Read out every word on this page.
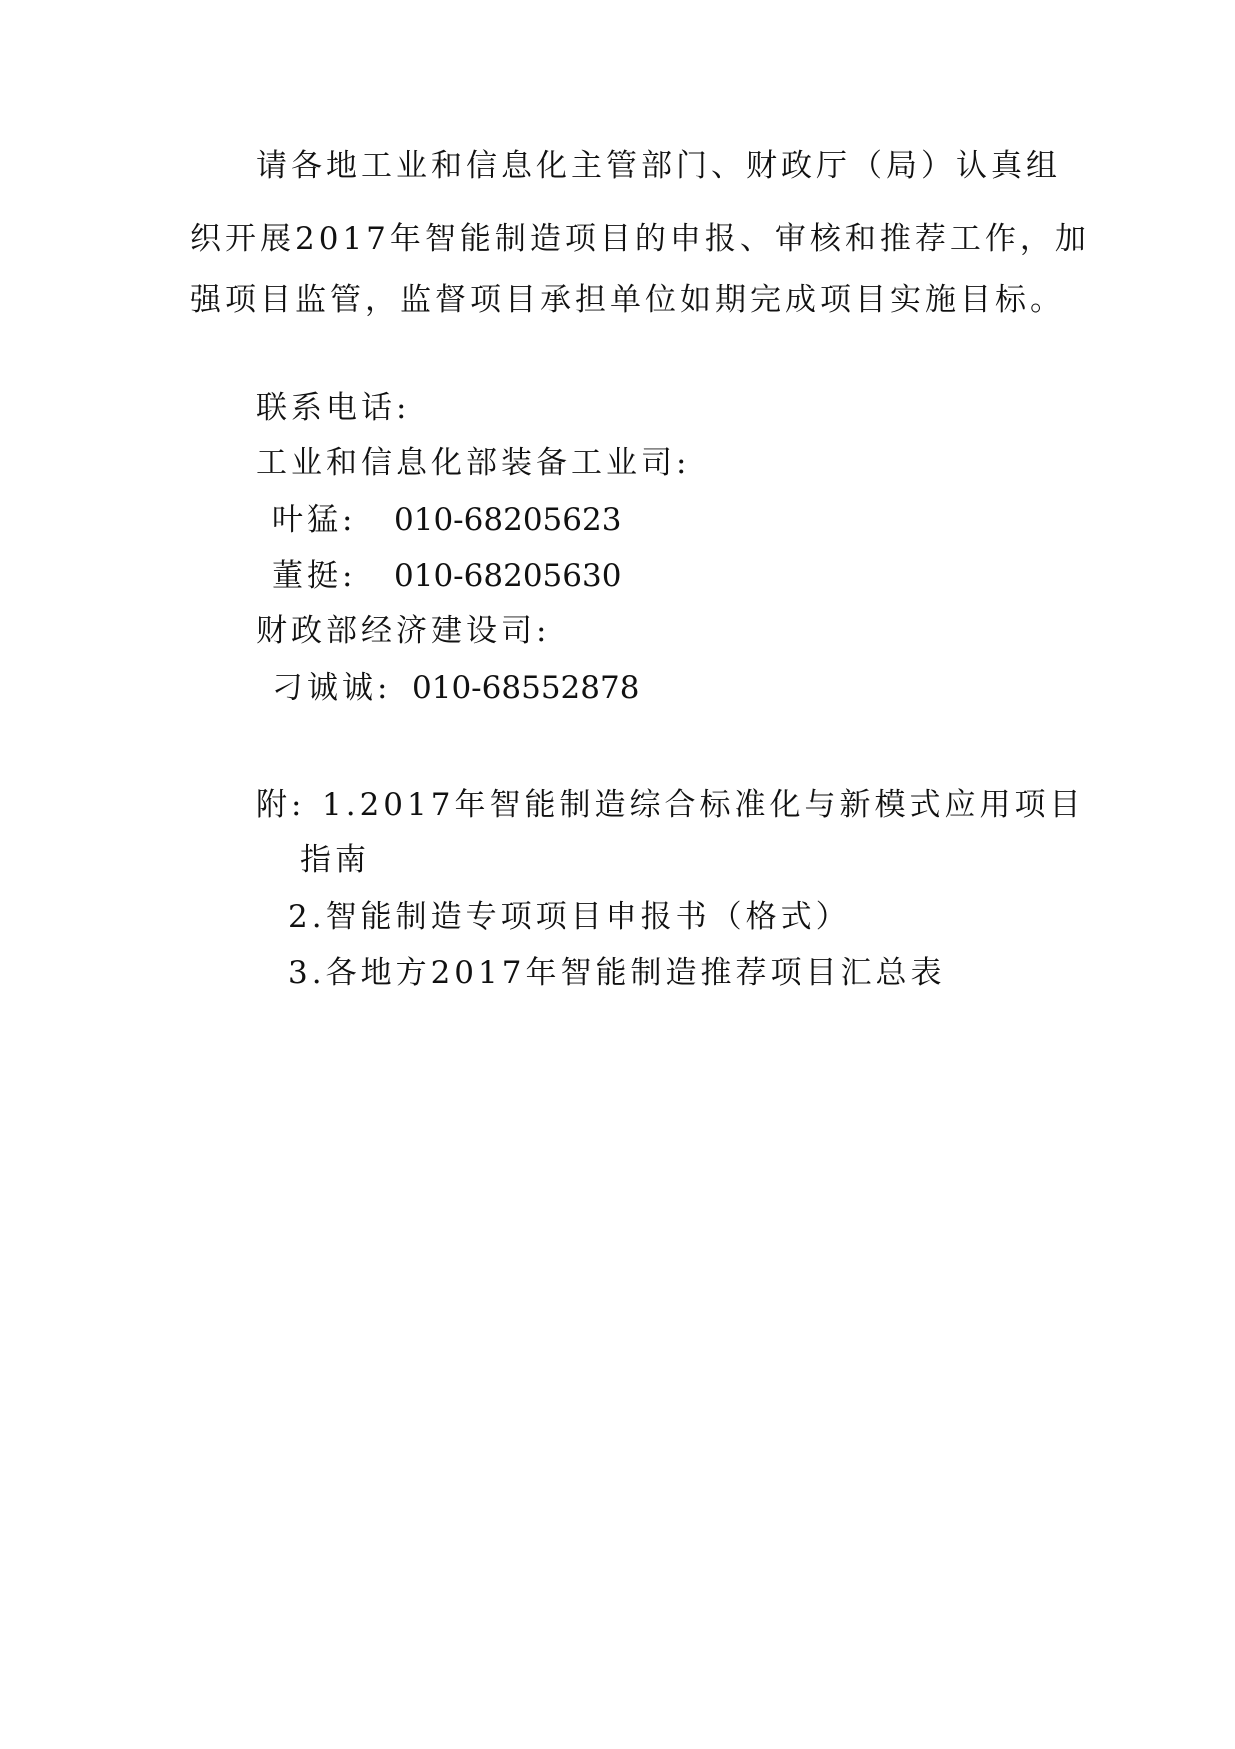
请各地工业和信息化主管部门、财政厅（局）认真组
织开展2017年智能制造项目的申报、审核和推荐工作，加
强项目监管，监督项目承担单位如期完成项目实施目标。
联系电话:
工业和信息化部装备工业司:
叶猛: 010-68205623
董挺: 010-68205630
财政部经济建设司:
刁诚诚: 010-68552878
附: 1.2017年智能制造综合标准化与新模式应用项目
指南
2.智能制造专项项目申报书（格式）
3.各地方2017年智能制造推荐项目汇总表
